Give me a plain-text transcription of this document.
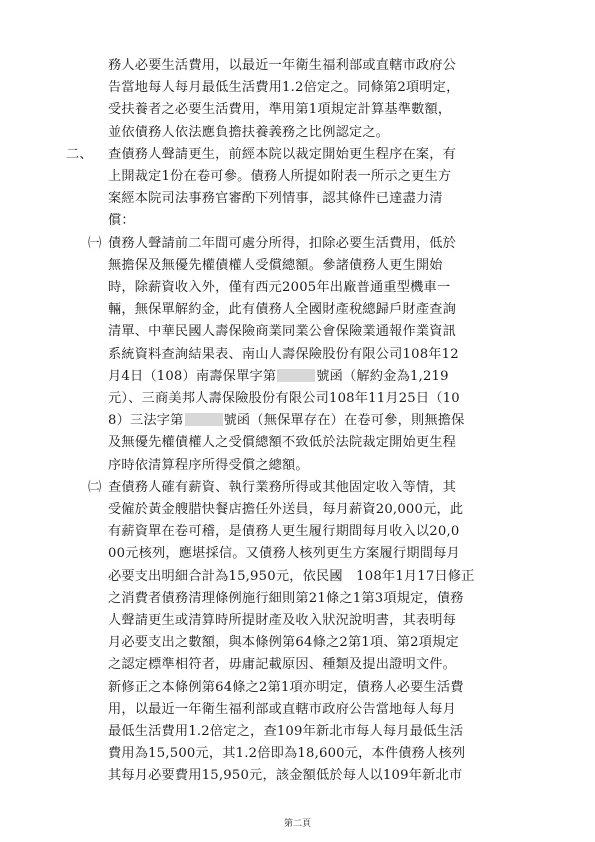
務人必要生活費用，以最近一年衛生福利部或直轄市政府公
告當地每人每月最低生活費用1.2倍定之。同條第2項明定，
受扶養者之必要生活費用，準用第1項規定計算基準數額，
並依債務人依法應負擔扶養義務之比例認定之。
二、 查債務人聲請更生，前經本院以裁定開始更生程序在案，有
上開裁定1份在卷可參。債務人所提如附表一所示之更生方
案經本院司法事務官審酌下列情事，認其條件已達盡力清
償：
㈠ 債務人聲請前二年間可處分所得，扣除必要生活費用，低於
無擔保及無優先權債權人受償總額。參諸債務人更生開始
時，除薪資收入外，僅有西元2005年出廠普通重型機車一
輛，無保單解約金，此有債務人全國財產稅總歸戶財產查詢
清單、中華民國人壽保險商業同業公會保險業通報作業資訊
系統資料查詢結果表、南山人壽保險股份有限公司108年12
月4日（108）南壽保單字第	號函（解約金為1,219
元）、三商美邦人壽保險股份有限公司108年11月25日（10
8）三法字第	號函（無保單存在）在卷可參，則無擔保
及無優先權債權人之受償總額不致低於法院裁定開始更生程
序時依清算程序所得受償之總額。
㈡ 查債務人確有薪資、執行業務所得或其他固定收入等情，其
受僱於黃金艘腊快餐店擔任外送員，每月薪資20,000元，此
有薪資單在卷可稽，是債務人更生履行期間每月收入以20,0
00元核列，應堪採信。又債務人核列更生方案履行期間每月
必要支出明細合計為15,950元，依民國　108年1月17日修正
之消費者債務清理條例施行細則第21條之1第3項規定，債務
人聲請更生或清算時所提財產及收入狀況說明書，其表明每
月必要支出之數額，與本條例第64條之2第1項、第2項規定
之認定標準相符者，毋庸記載原因、種類及提出證明文件。
新修正之本條例第64條之2第1項亦明定，債務人必要生活費
用，以最近一年衛生福利部或直轄市政府公告當地每人每月
最低生活費用1.2倍定之，查109年新北市每人每月最低生活
費用為15,500元，其1.2倍即為18,600元，本件債務人核列
其每月必要費用15,950元，該金額低於每人以109年新北市
第二頁
